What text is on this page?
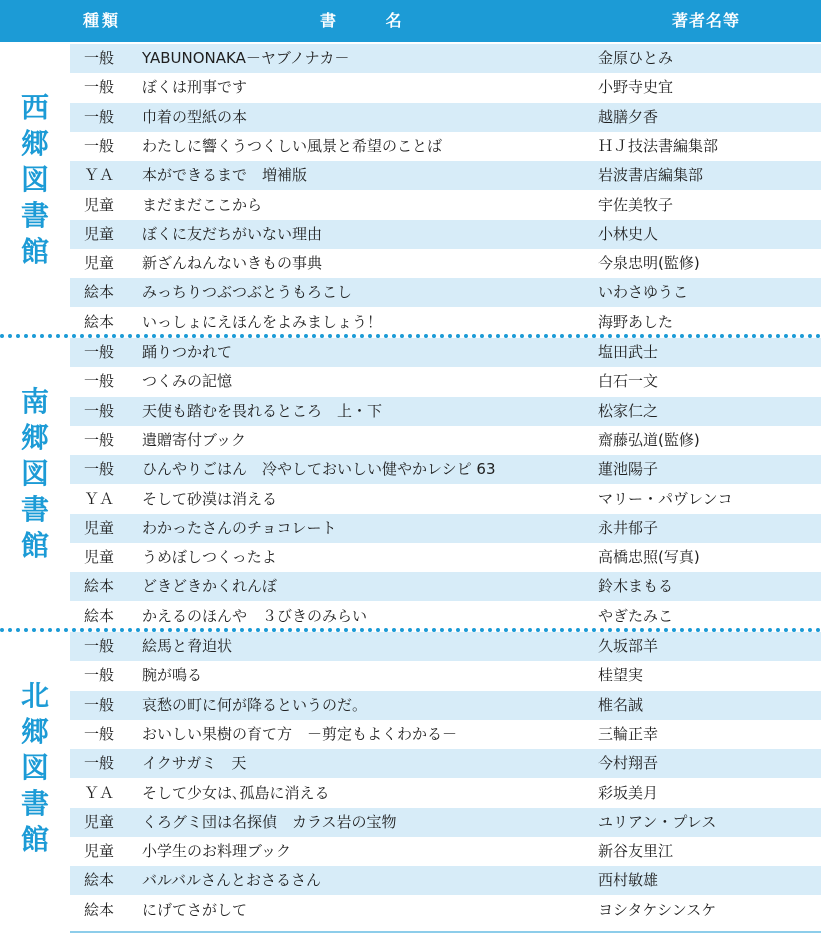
種類	書 名	著者名等
西
郷
図
書
館
一般 YABUNONAKA－ヤブノナカ－	金原ひとみ
一般 ぼくは刑事です	小野寺史宜
一般 巾着の型紙の本	越膳夕香
一般 わたしに響くうつくしい風景と希望のことば	ＨＪ技法書編集部
ＹＡ 本ができるまで　増補版	岩波書店編集部
児童 まだまだここから	宇佐美牧子
児童 ぼくに友だちがいない理由	小林史人
児童 新ざんねんないきもの事典	今泉忠明(監修)
絵本 みっちりつぶつぶとうもろこし	いわさゆうこ
絵本 いっしょにえほんをよみましょう！	海野あした
南
郷
図
書
館
一般 踊りつかれて	塩田武士
一般 つくみの記憶	白石一文
一般 天使も踏むを畏れるところ　上・下	松家仁之
一般 遺贈寄付ブック	齋藤弘道(監修)
一般 ひんやりごはん　冷やしておいしい健やかレシピ 63	蓮池陽子
ＹＡ そして砂漠は消える	マリー・パヴレンコ
児童 わかったさんのチョコレート	永井郁子
児童 うめぼしつくったよ	高橋忠照(写真)
絵本 どきどきかくれんぼ	鈴木まもる
絵本 かえるのほんや　３びきのみらい	やぎたみこ
北
郷
図
書
館
一般 絵馬と脅迫状	久坂部羊
一般 腕が鳴る	桂望実
一般 哀愁の町に何が降るというのだ。	椎名誠
一般 おいしい果樹の育て方　－剪定もよくわかる－	三輪正幸
一般 イクサガミ　天	今村翔吾
ＹＡ そして少女は､孤島に消える	彩坂美月
児童 くろグミ団は名探偵　カラス岩の宝物	ユリアン・プレス
児童 小学生のお料理ブック	新谷友里江
絵本 バルバルさんとおさるさん	西村敏雄
絵本 にげてさがして	ヨシタケシンスケ
